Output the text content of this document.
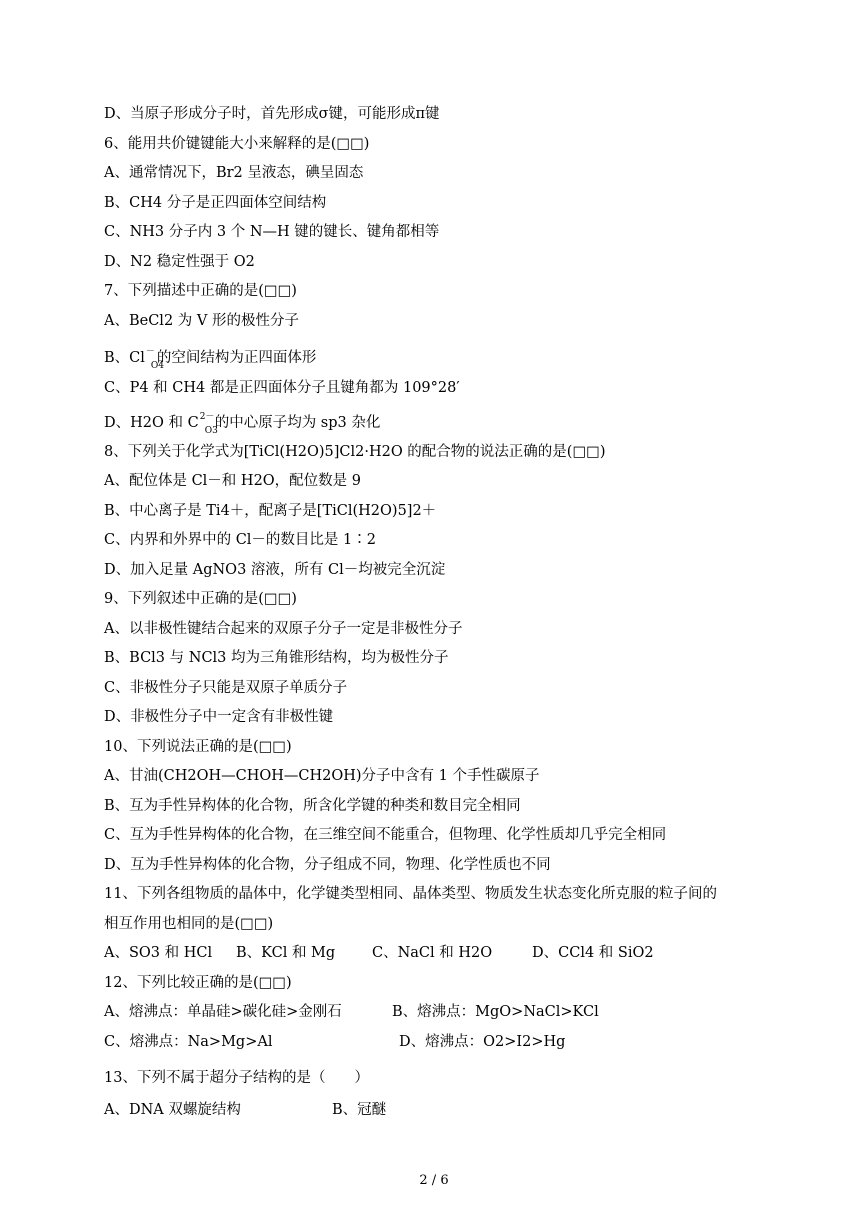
D、当原子形成分子时，首先形成σ键，可能形成π键
6、能用共价键键能大小来解释的是(□□)
A、通常情况下，Br2 呈液态，碘呈固态
B、CH4 分子是正四面体空间结构
C、NH3 分子内 3 个 N—H 键的键长、键角都相等
D、N2 稳定性强于 O2
7、下列描述中正确的是(□□)
A、BeCl2 为 V 形的极性分子
B、Cl －
O4
的空间结构为正四面体形
C、P4 和 CH4 都是正四面体分子且键角都为 109°28′
D、H2O 和 C 2－
O3
的中心原子均为 sp3 杂化
8、下列关于化学式为[TiCl(H2O)5]Cl2·H2O 的配合物的说法正确的是(□□)
A、配位体是 Cl－和 H2O，配位数是 9
B、中心离子是 Ti4＋，配离子是[TiCl(H2O)5]2＋
C、内界和外界中的 Cl－的数目比是 1∶2
D、加入足量 AgNO3 溶液，所有 Cl－均被完全沉淀
9、下列叙述中正确的是(□□)
A、以非极性键结合起来的双原子分子一定是非极性分子
B、BCl3 与 NCl3 均为三角锥形结构，均为极性分子
C、非极性分子只能是双原子单质分子
D、非极性分子中一定含有非极性键
10、下列说法正确的是(□□)
A、甘油(CH2OH—CHOH—CH2OH)分子中含有 1 个手性碳原子
B、互为手性异构体的化合物，所含化学键的种类和数目完全相同
C、互为手性异构体的化合物，在三维空间不能重合，但物理、化学性质却几乎完全相同
D、互为手性异构体的化合物，分子组成不同，物理、化学性质也不同
11、下列各组物质的晶体中，化学键类型相同、晶体类型、物质发生状态变化所克服的粒子间的
相互作用也相同的是(□□)
A、SO3 和 HCl B、KCl 和 Mg	C、NaCl 和 H2O	D、CCl4 和 SiO2
12、下列比较正确的是(□□)
A、熔沸点：单晶硅>碳化硅>金刚石	B、熔沸点：MgO>NaCl>KCl
C、熔沸点：Na>Mg>Al	D、熔沸点：O2>I2>Hg
13、下列不属于超分子结构的是（　　）
A、DNA 双螺旋结构	B、冠醚
2 / 6
